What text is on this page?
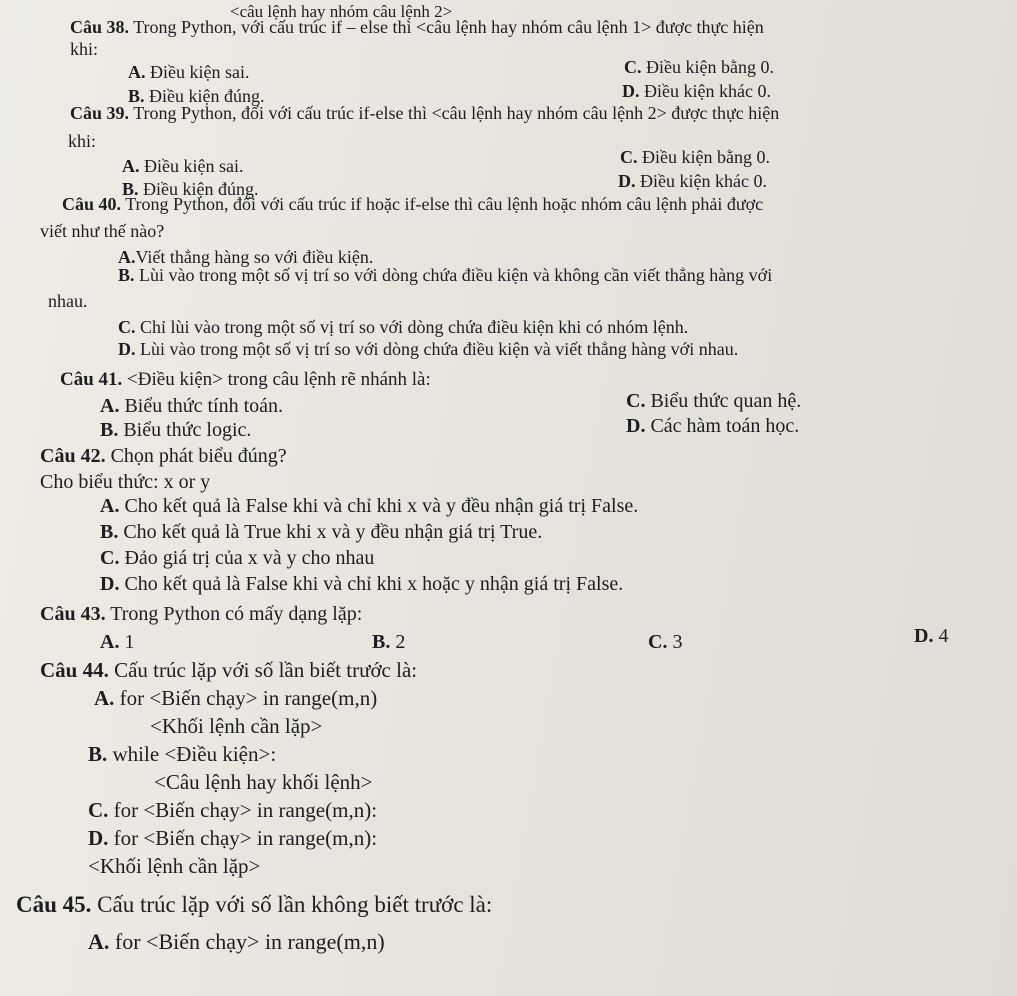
<câu lệnh hay nhóm câu lệnh 2>
Câu 38. Trong Python, với cấu trúc if – else thì <câu lệnh hay nhóm câu lệnh 1> được thực hiện
khi:
A. Điều kiện sai.	C. Điều kiện bằng 0.
B. Điều kiện đúng.	D. Điều kiện khác 0.
Câu 39. Trong Python, đối với cấu trúc if-else thì <câu lệnh hay nhóm câu lệnh 2> được thực hiện
khi:
A. Điều kiện sai.	C. Điều kiện bằng 0.
B. Điều kiện đúng.	D. Điều kiện khác 0.
Câu 40. Trong Python, đối với cấu trúc if hoặc if-else thì câu lệnh hoặc nhóm câu lệnh phải được
viết như thế nào?
A.Viết thẳng hàng so với điều kiện.
B. Lùi vào trong một số vị trí so với dòng chứa điều kiện và không cần viết thẳng hàng với
nhau.
C. Chỉ lùi vào trong một số vị trí so với dòng chứa điều kiện khi có nhóm lệnh.
D. Lùi vào trong một số vị trí so với dòng chứa điều kiện và viết thẳng hàng với nhau.
Câu 41. <Điều kiện> trong câu lệnh rẽ nhánh là:
A. Biểu thức tính toán.	C. Biểu thức quan hệ.
B. Biểu thức logic.	D. Các hàm toán học.
Câu 42. Chọn phát biểu đúng?
Cho biểu thức: x or y
A. Cho kết quả là False khi và chỉ khi x và y đều nhận giá trị False.
B. Cho kết quả là True khi x và y đều nhận giá trị True.
C. Đảo giá trị của x và y cho nhau
D. Cho kết quả là False khi và chỉ khi x hoặc y nhận giá trị False.
Câu 43. Trong Python có mấy dạng lặp:
A. 1	B. 2	C. 3	D. 4
Câu 44. Cấu trúc lặp với số lần biết trước là:
A. for <Biến chạy> in range(m,n)
<Khối lệnh cần lặp>
B. while <Điều kiện>:
<Câu lệnh hay khối lệnh>
C. for <Biến chạy> in range(m,n):
D. for <Biến chạy> in range(m,n):
<Khối lệnh cần lặp>
Câu 45. Cấu trúc lặp với số lần không biết trước là:
A. for <Biến chạy> in range(m,n)
